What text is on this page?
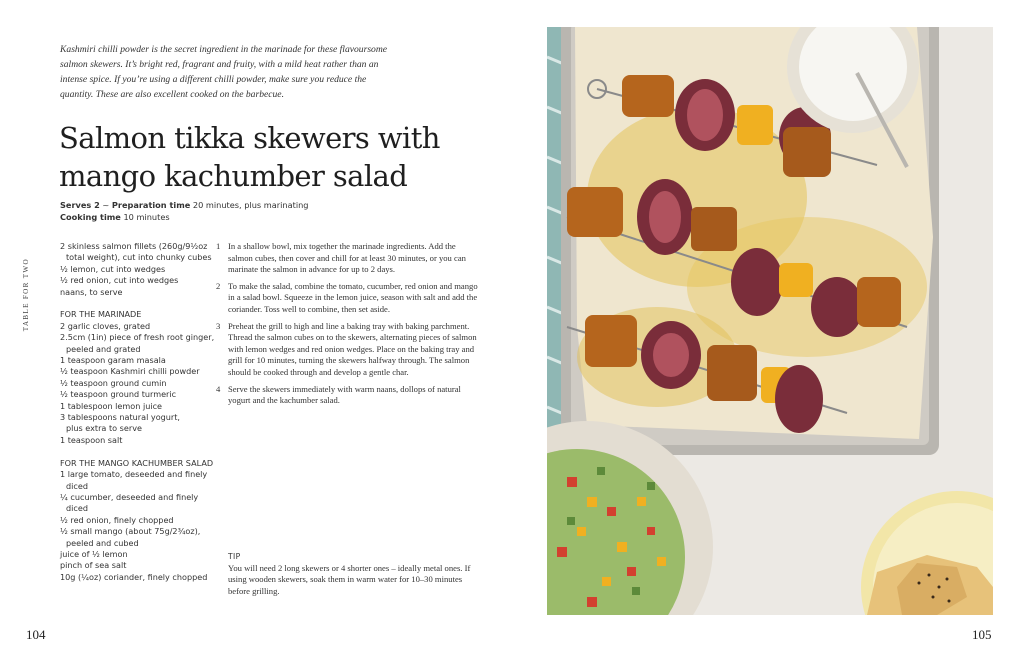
Kashmiri chilli powder is the secret ingredient in the marinade for these flavoursome salmon skewers. It’s bright red, fragrant and fruity, with a mild heat rather than an intense spice. If you’re using a different chilli powder, make sure you reduce the quantity. These are also excellent cooked on the barbecue.
Salmon tikka skewers with
mango kachumber salad
Serves 2 ~ Preparation time 20 minutes, plus marinating
Cooking time 10 minutes
TABLE FOR TWO
2 skinless salmon fillets (260g/9½oz
total weight), cut into chunky cubes
½ lemon, cut into wedges
½ red onion, cut into wedges
naans, to serve
FOR THE MARINADE
2 garlic cloves, grated
2.5cm (1in) piece of fresh root ginger,
peeled and grated
1 teaspoon garam masala
½ teaspoon Kashmiri chilli powder
½ teaspoon ground cumin
½ teaspoon ground turmeric
1 tablespoon lemon juice
3 tablespoons natural yogurt,
plus extra to serve
1 teaspoon salt
FOR THE MANGO KACHUMBER SALAD
1 large tomato, deseeded and finely
diced
¼ cucumber, deseeded and finely
diced
½ red onion, finely chopped
½ small mango (about 75g/2¾oz),
peeled and cubed
juice of ½ lemon
pinch of sea salt
10g (¼oz) coriander, finely chopped
1 In a shallow bowl, mix together the marinade ingredients. Add the salmon cubes, then cover and chill for at least 30 minutes, or you can marinate the salmon in advance for up to 2 days.
2 To make the salad, combine the tomato, cucumber, red onion and mango in a salad bowl. Squeeze in the lemon juice, season with salt and add the coriander. Toss well to combine, then set aside.
3 Preheat the grill to high and line a baking tray with baking parchment. Thread the salmon cubes on to the skewers, alternating pieces of salmon with lemon wedges and red onion wedges. Place on the baking tray and grill for 10 minutes, turning the skewers halfway through. The salmon should be cooked through and develop a gentle char.
4 Serve the skewers immediately with warm naans, dollops of natural yogurt and the kachumber salad.
TIP
You will need 2 long skewers or 4 shorter ones – ideally metal ones. If using wooden skewers, soak them in warm water for 10–30 minutes before grilling.
104	105
